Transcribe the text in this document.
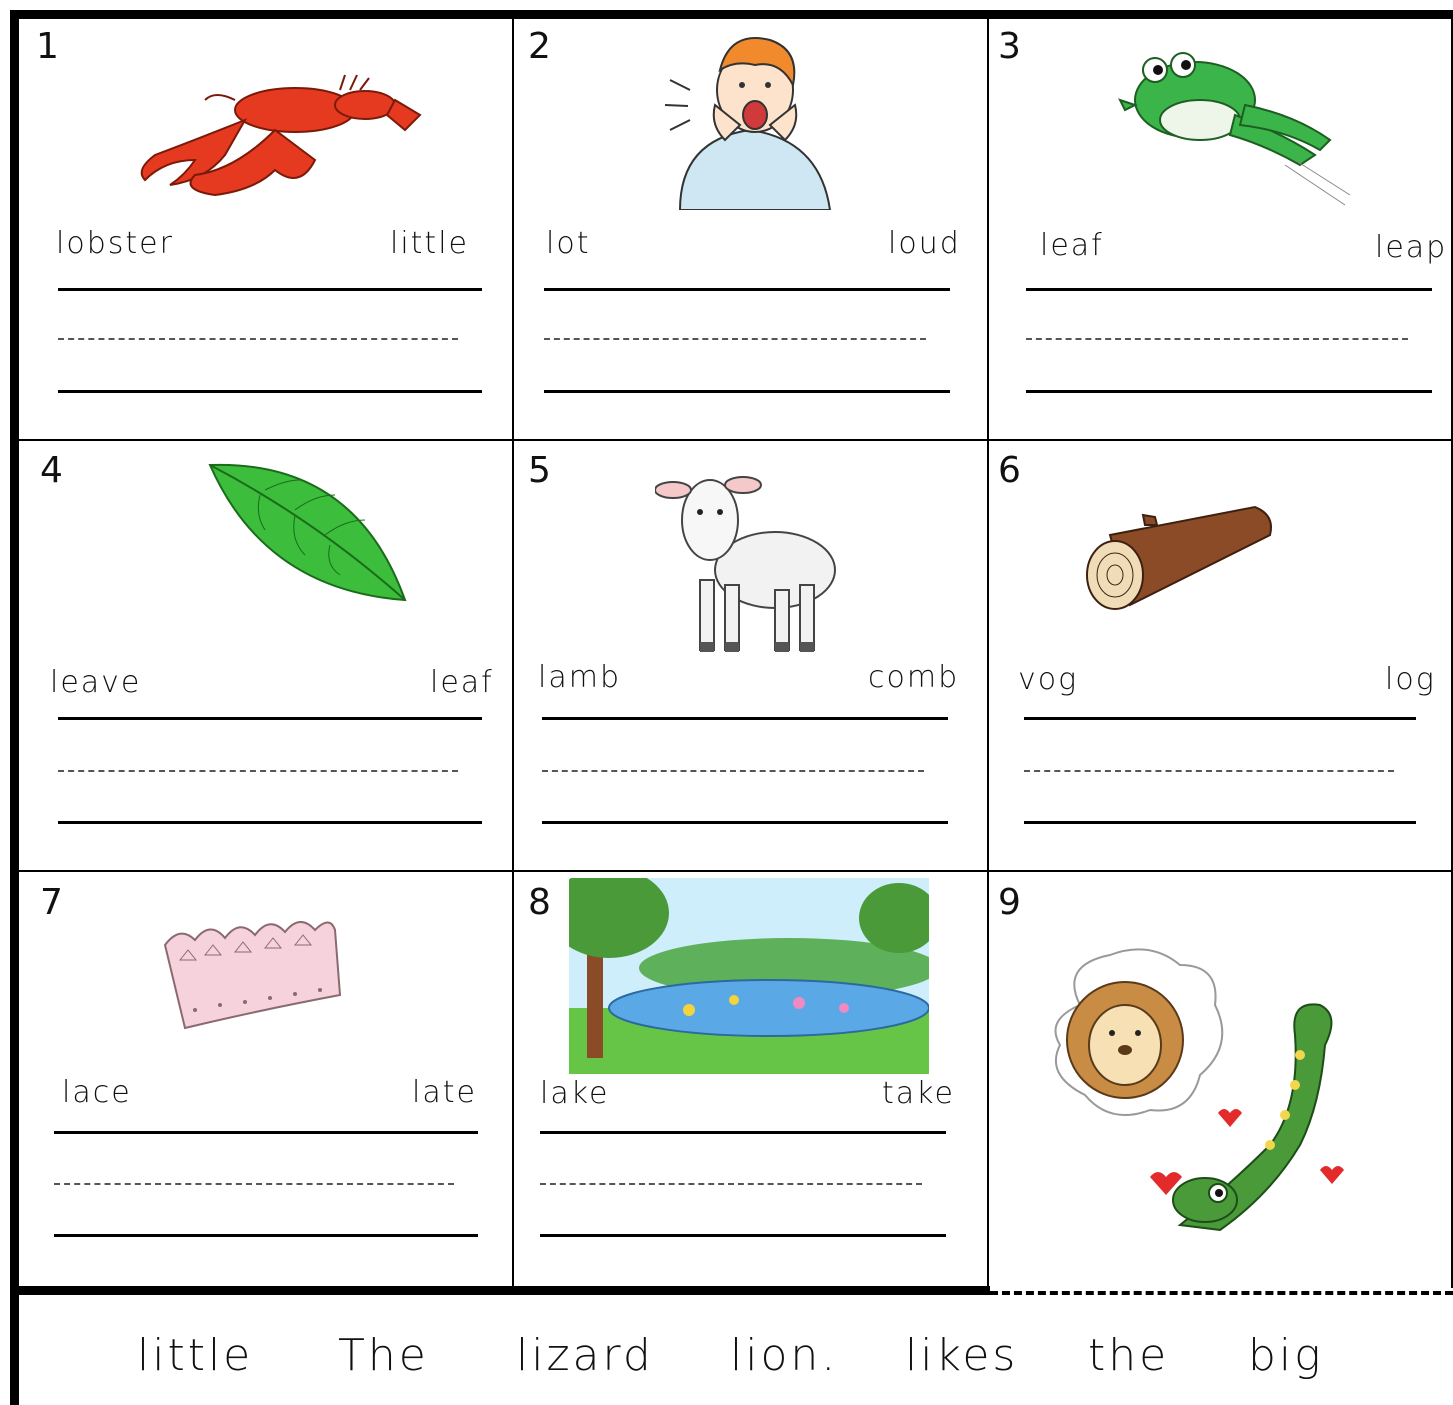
1
lobster	little
2
lot	loud
3
leaf	leap
4
leave	leaf
5
lamb	comb
6
vog	log
7
lace	late
8
lake	take
9
little The lizard lion. likes the big
